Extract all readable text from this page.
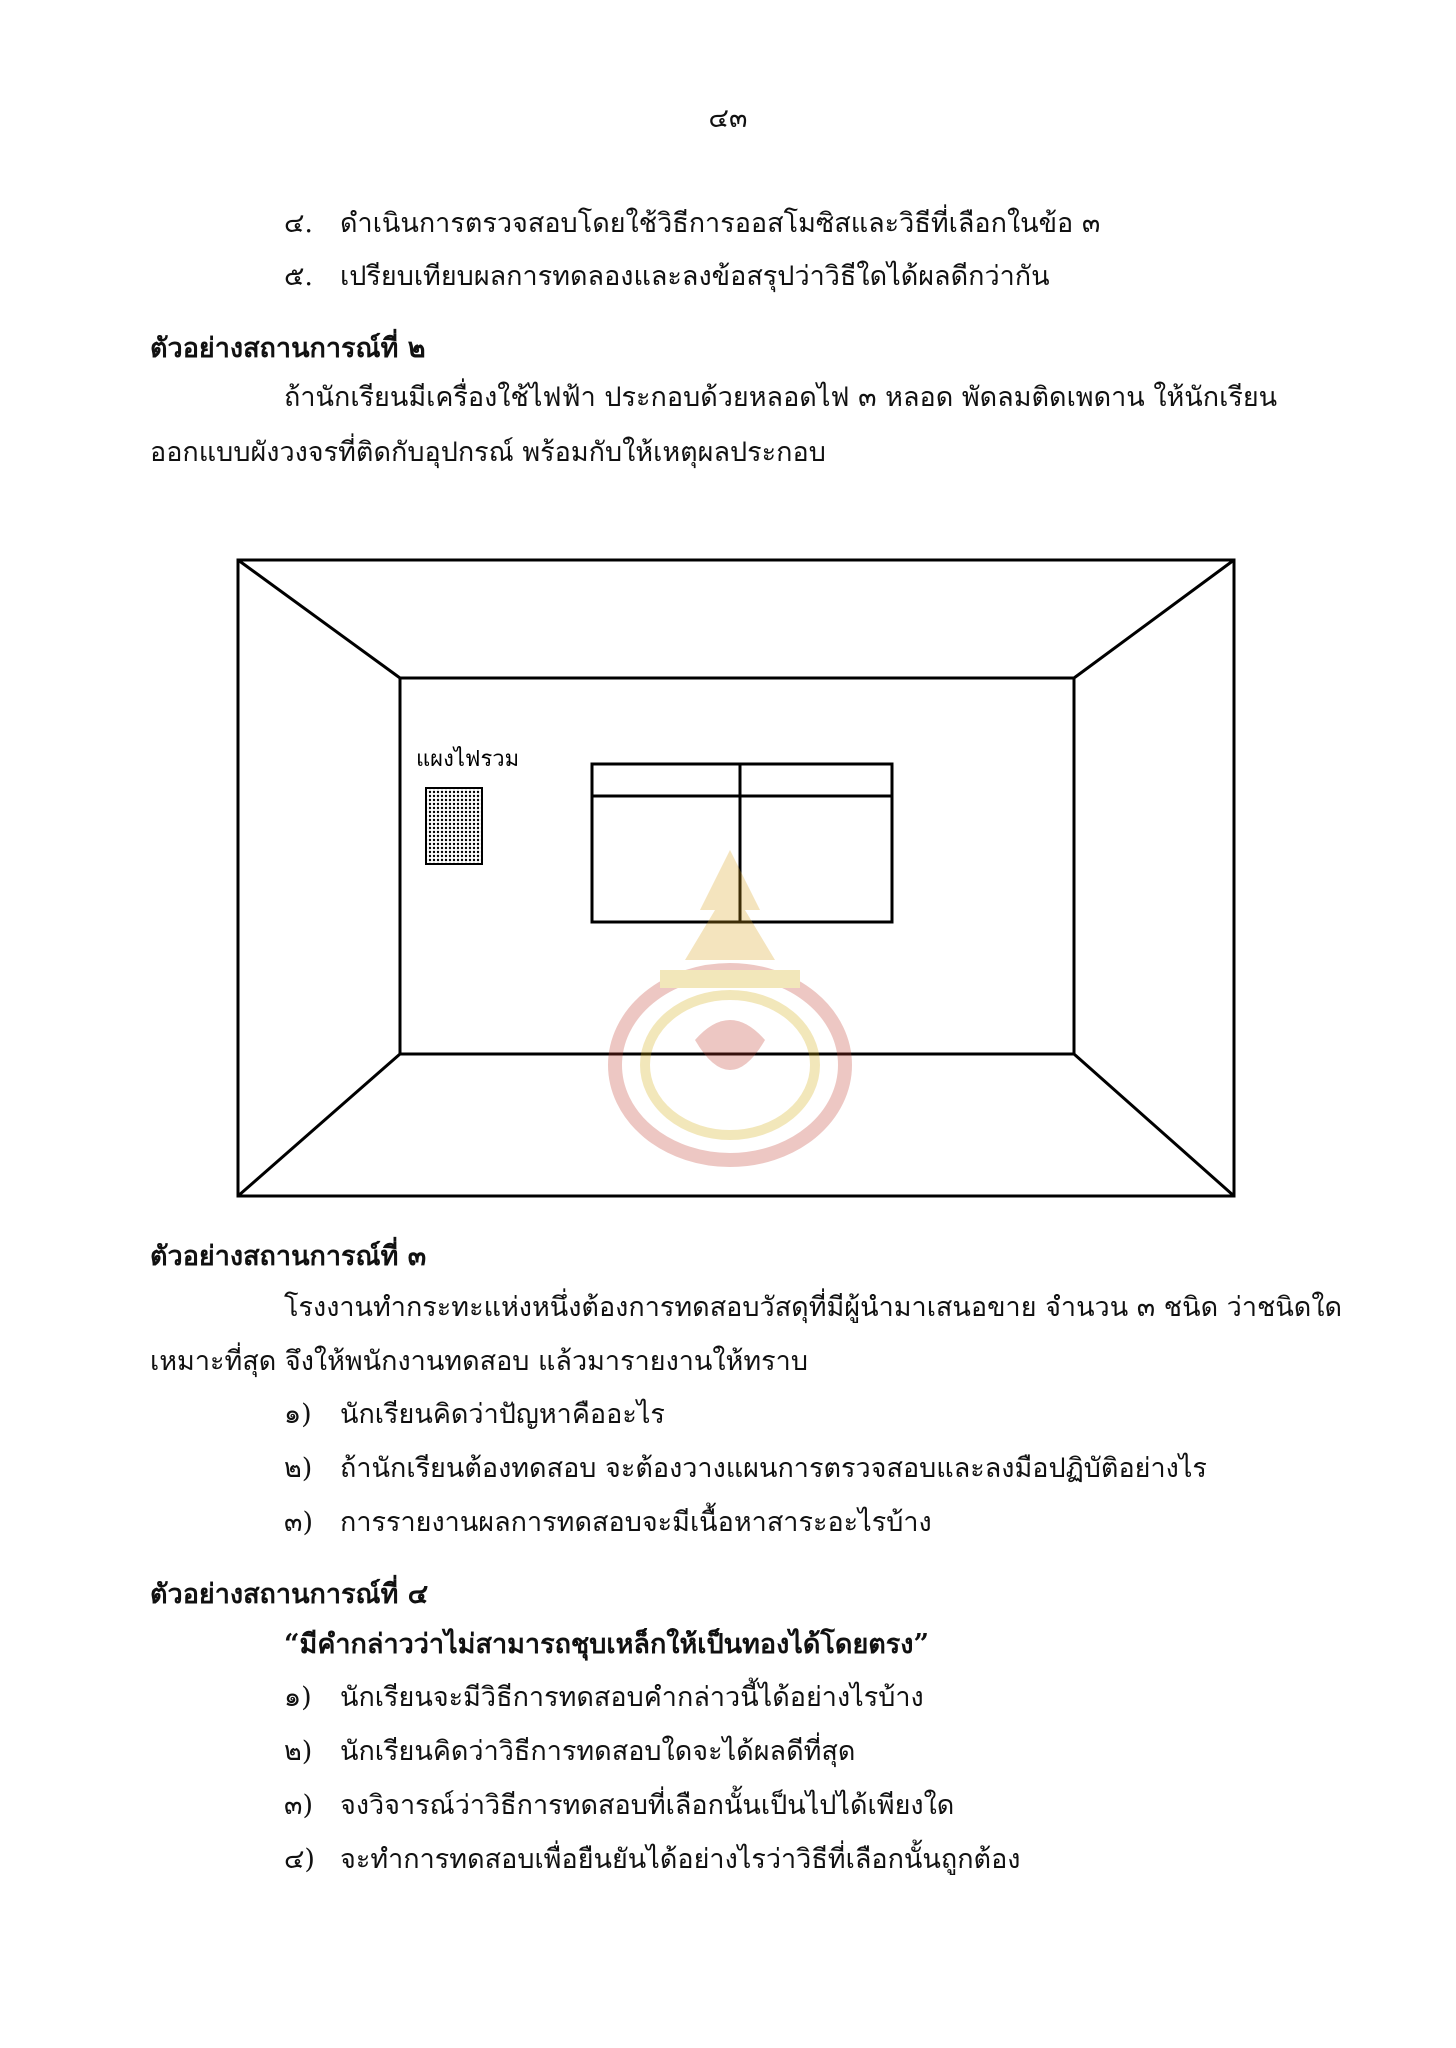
๔๓
๔. ดำเนินการตรวจสอบโดยใช้วิธีการออสโมซิสและวิธีที่เลือกในข้อ ๓
๕. เปรียบเทียบผลการทดลองและลงข้อสรุปว่าวิธีใดได้ผลดีกว่ากัน
ตัวอย่างสถานการณ์ที่ ๒
ถ้านักเรียนมีเครื่องใช้ไฟฟ้า ประกอบด้วยหลอดไฟ ๓ หลอด พัดลมติดเพดาน ให้นักเรียน
ออกแบบผังวงจรที่ติดกับอุปกรณ์ พร้อมกับให้เหตุผลประกอบ
แผงไฟรวม
ตัวอย่างสถานการณ์ที่ ๓
โรงงานทำกระทะแห่งหนึ่งต้องการทดสอบวัสดุที่มีผู้นำมาเสนอขาย จำนวน ๓ ชนิด ว่าชนิดใด
เหมาะที่สุด จึงให้พนักงานทดสอบ แล้วมารายงานให้ทราบ
๑) นักเรียนคิดว่าปัญหาคืออะไร
๒) ถ้านักเรียนต้องทดสอบ จะต้องวางแผนการตรวจสอบและลงมือปฏิบัติอย่างไร
๓) การรายงานผลการทดสอบจะมีเนื้อหาสาระอะไรบ้าง
ตัวอย่างสถานการณ์ที่ ๔
“มีคำกล่าวว่าไม่สามารถชุบเหล็กให้เป็นทองได้โดยตรง”
๑) นักเรียนจะมีวิธีการทดสอบคำกล่าวนี้ได้อย่างไรบ้าง
๒) นักเรียนคิดว่าวิธีการทดสอบใดจะได้ผลดีที่สุด
๓) จงวิจารณ์ว่าวิธีการทดสอบที่เลือกนั้นเป็นไปได้เพียงใด
๔) จะทำการทดสอบเพื่อยืนยันได้อย่างไรว่าวิธีที่เลือกนั้นถูกต้อง
